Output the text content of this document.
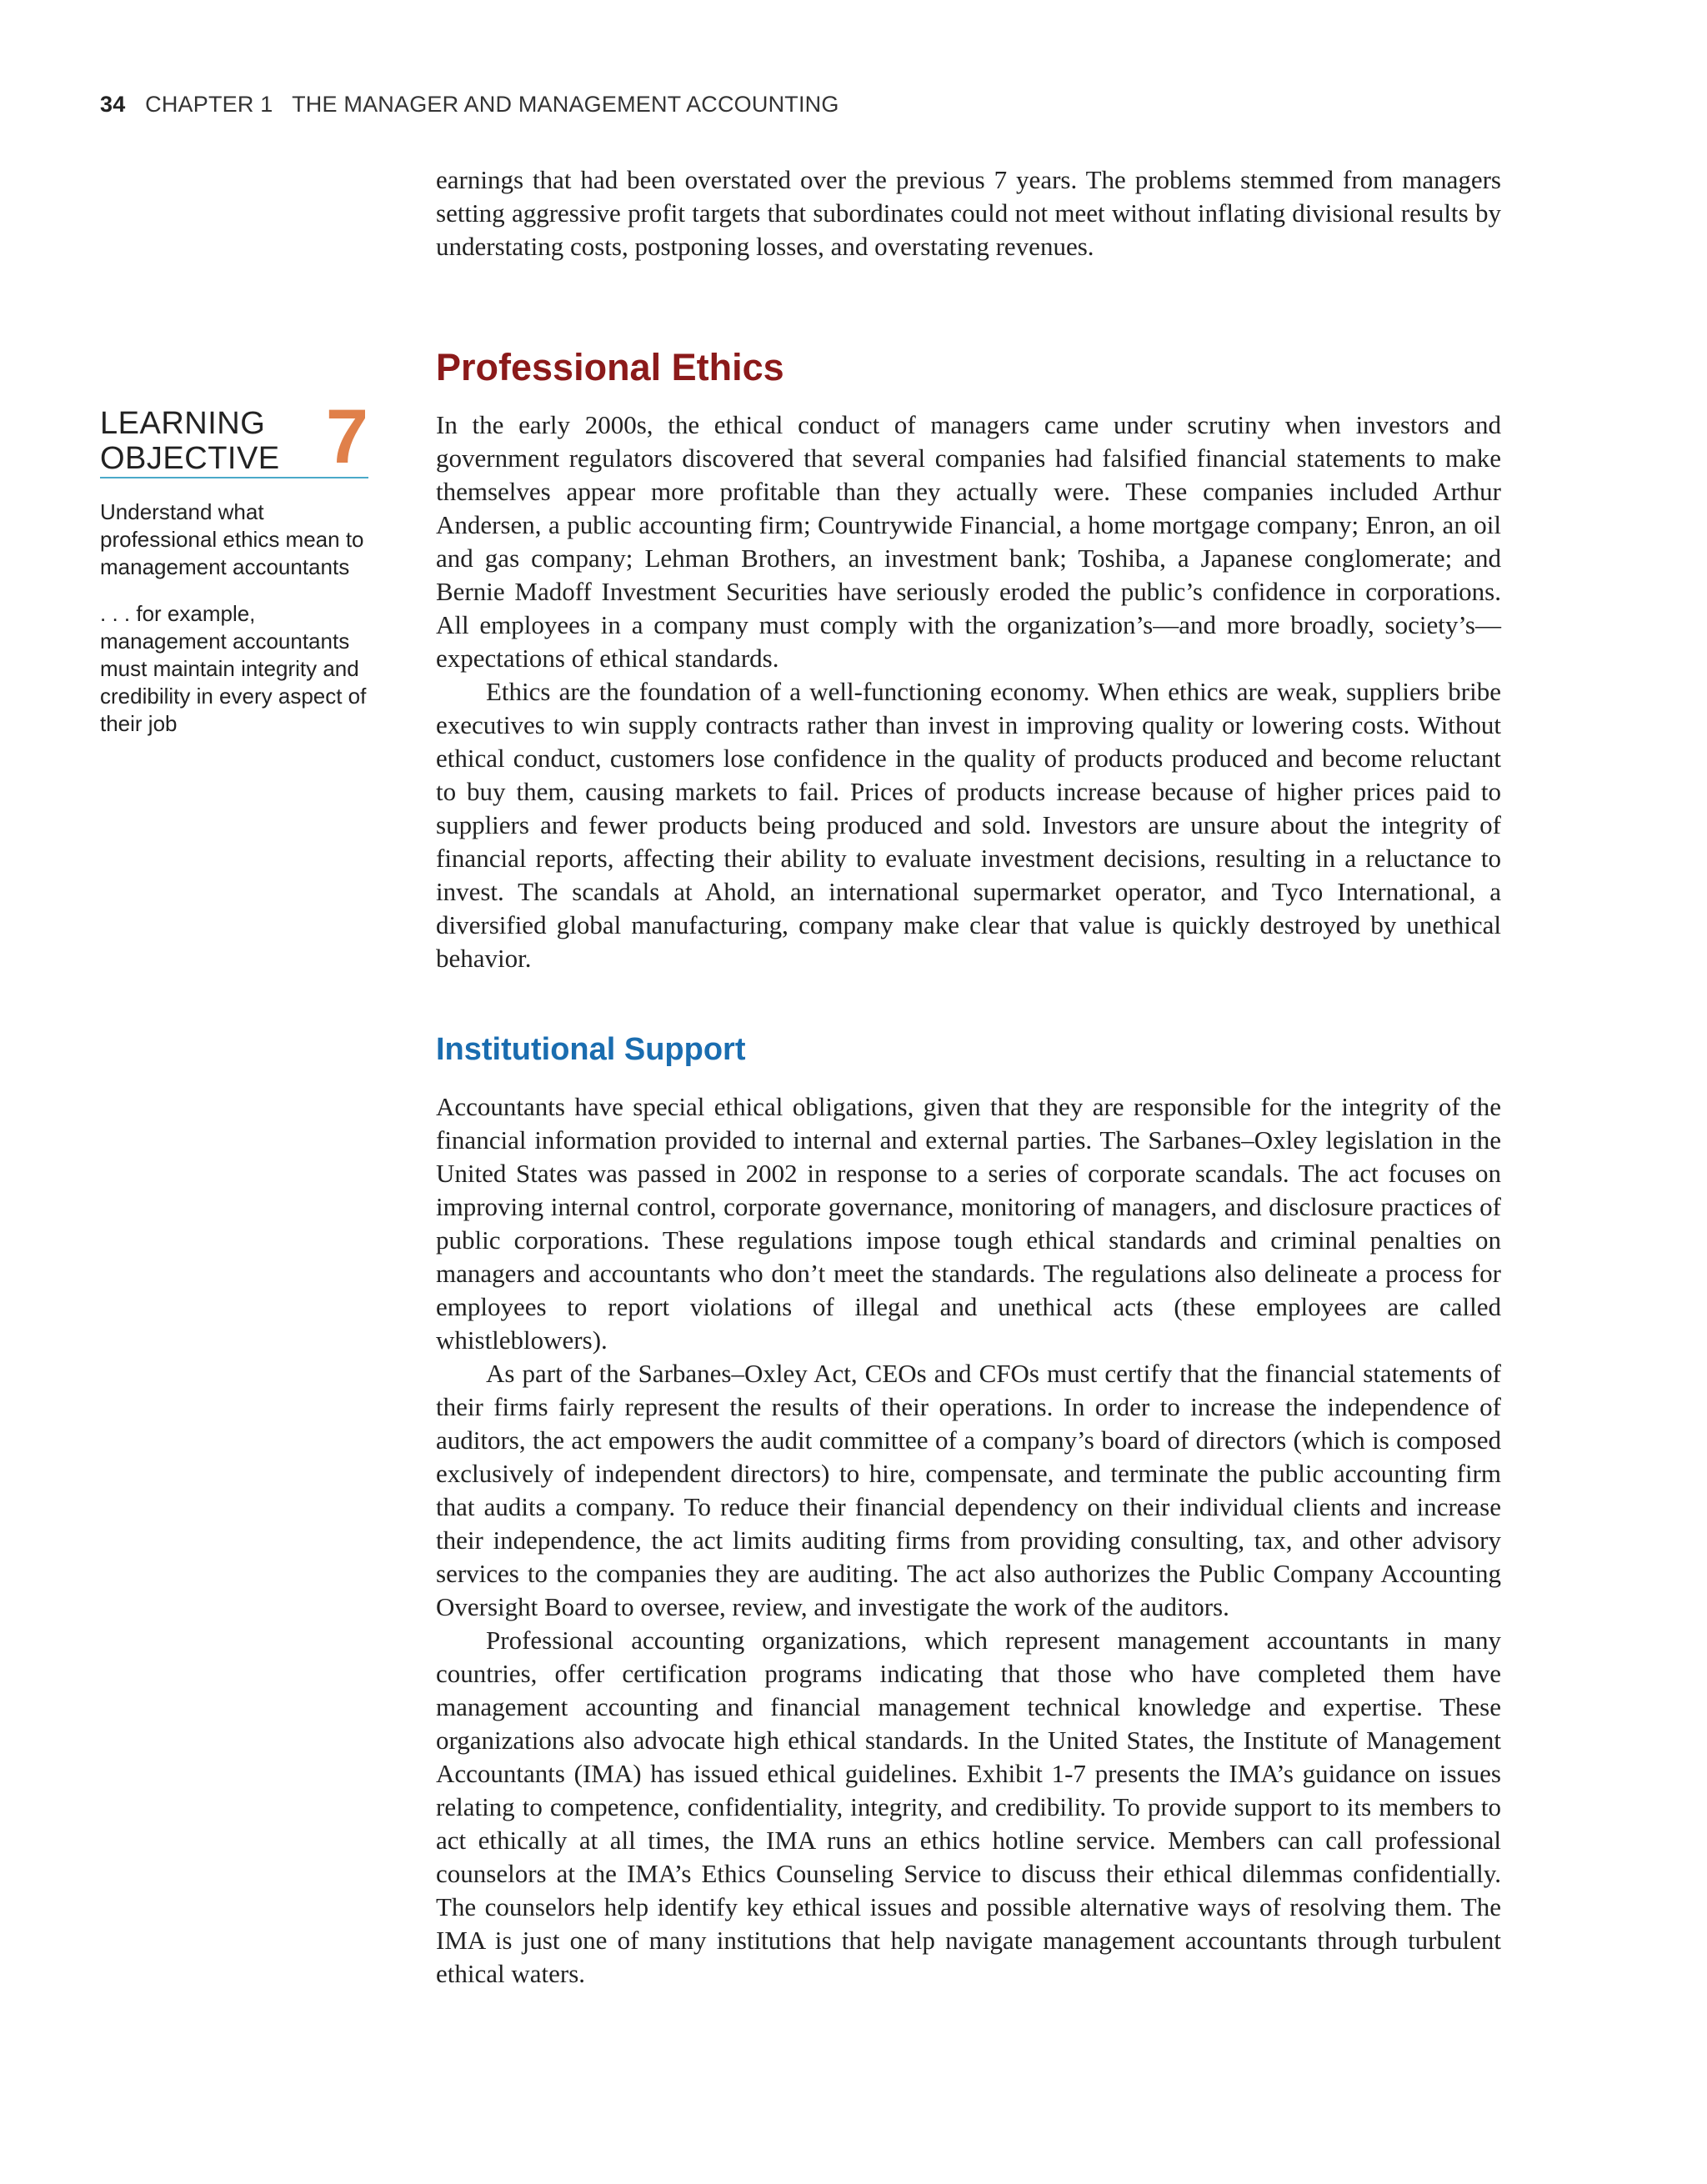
34 CHAPTER 1 THE MANAGER AND MANAGEMENT ACCOUNTING

earnings that had been overstated over the previous 7 years. The problems stemmed from managers setting aggressive profit targets that subordinates could not meet without inflating divisional results by understating costs, postponing losses, and overstating revenues.

Professional Ethics
LEARNING
OBJECTIVE 7

Understand what professional ethics mean to management accountants

. . . for example, management accountants must maintain integrity and credibility in every aspect of their job

In the early 2000s, the ethical conduct of managers came under scrutiny when investors and government regulators discovered that several companies had falsified financial statements to make themselves appear more profitable than they actually were. These companies included Arthur Andersen, a public accounting firm; Countrywide Financial, a home mortgage company; Enron, an oil and gas company; Lehman Brothers, an investment bank; Toshiba, a Japanese conglomerate; and Bernie Madoff Investment Securities have seriously eroded the public’s confidence in corporations. All employees in a company must comply with the organization’s—and more broadly, society’s—expectations of ethical standards.

Ethics are the foundation of a well-functioning economy. When ethics are weak, suppliers bribe executives to win supply contracts rather than invest in improving quality or lowering costs. Without ethical conduct, customers lose confidence in the quality of products produced and become reluctant to buy them, causing markets to fail. Prices of products increase because of higher prices paid to suppliers and fewer products being produced and sold. Investors are unsure about the integrity of financial reports, affecting their ability to evaluate investment decisions, resulting in a reluctance to invest. The scandals at Ahold, an international supermarket operator, and Tyco International, a diversified global manufacturing, company make clear that value is quickly destroyed by unethical behavior.

Institutional Support

Accountants have special ethical obligations, given that they are responsible for the integrity of the financial information provided to internal and external parties. The Sarbanes–Oxley legislation in the United States was passed in 2002 in response to a series of corporate scandals. The act focuses on improving internal control, corporate governance, monitoring of managers, and disclosure practices of public corporations. These regulations impose tough ethical standards and criminal penalties on managers and accountants who don’t meet the standards. The regulations also delineate a process for employees to report violations of illegal and unethical acts (these employees are called whistleblowers).

As part of the Sarbanes–Oxley Act, CEOs and CFOs must certify that the financial statements of their firms fairly represent the results of their operations. In order to increase the independence of auditors, the act empowers the audit committee of a company’s board of directors (which is composed exclusively of independent directors) to hire, compensate, and terminate the public accounting firm that audits a company. To reduce their financial dependency on their individual clients and increase their independence, the act limits auditing firms from providing consulting, tax, and other advisory services to the companies they are auditing. The act also authorizes the Public Company Accounting Oversight Board to oversee, review, and investigate the work of the auditors.

Professional accounting organizations, which represent management accountants in many countries, offer certification programs indicating that those who have completed them have management accounting and financial management technical knowledge and expertise. These organizations also advocate high ethical standards. In the United States, the Institute of Management Accountants (IMA) has issued ethical guidelines. Exhibit 1-7 presents the IMA’s guidance on issues relating to competence, confidentiality, integrity, and credibility. To provide support to its members to act ethically at all times, the IMA runs an ethics hotline service. Members can call professional counselors at the IMA’s Ethics Counseling Service to discuss their ethical dilemmas confidentially. The counselors help identify key ethical issues and possible alternative ways of resolving them. The IMA is just one of many institutions that help navigate management accountants through turbulent ethical waters.
